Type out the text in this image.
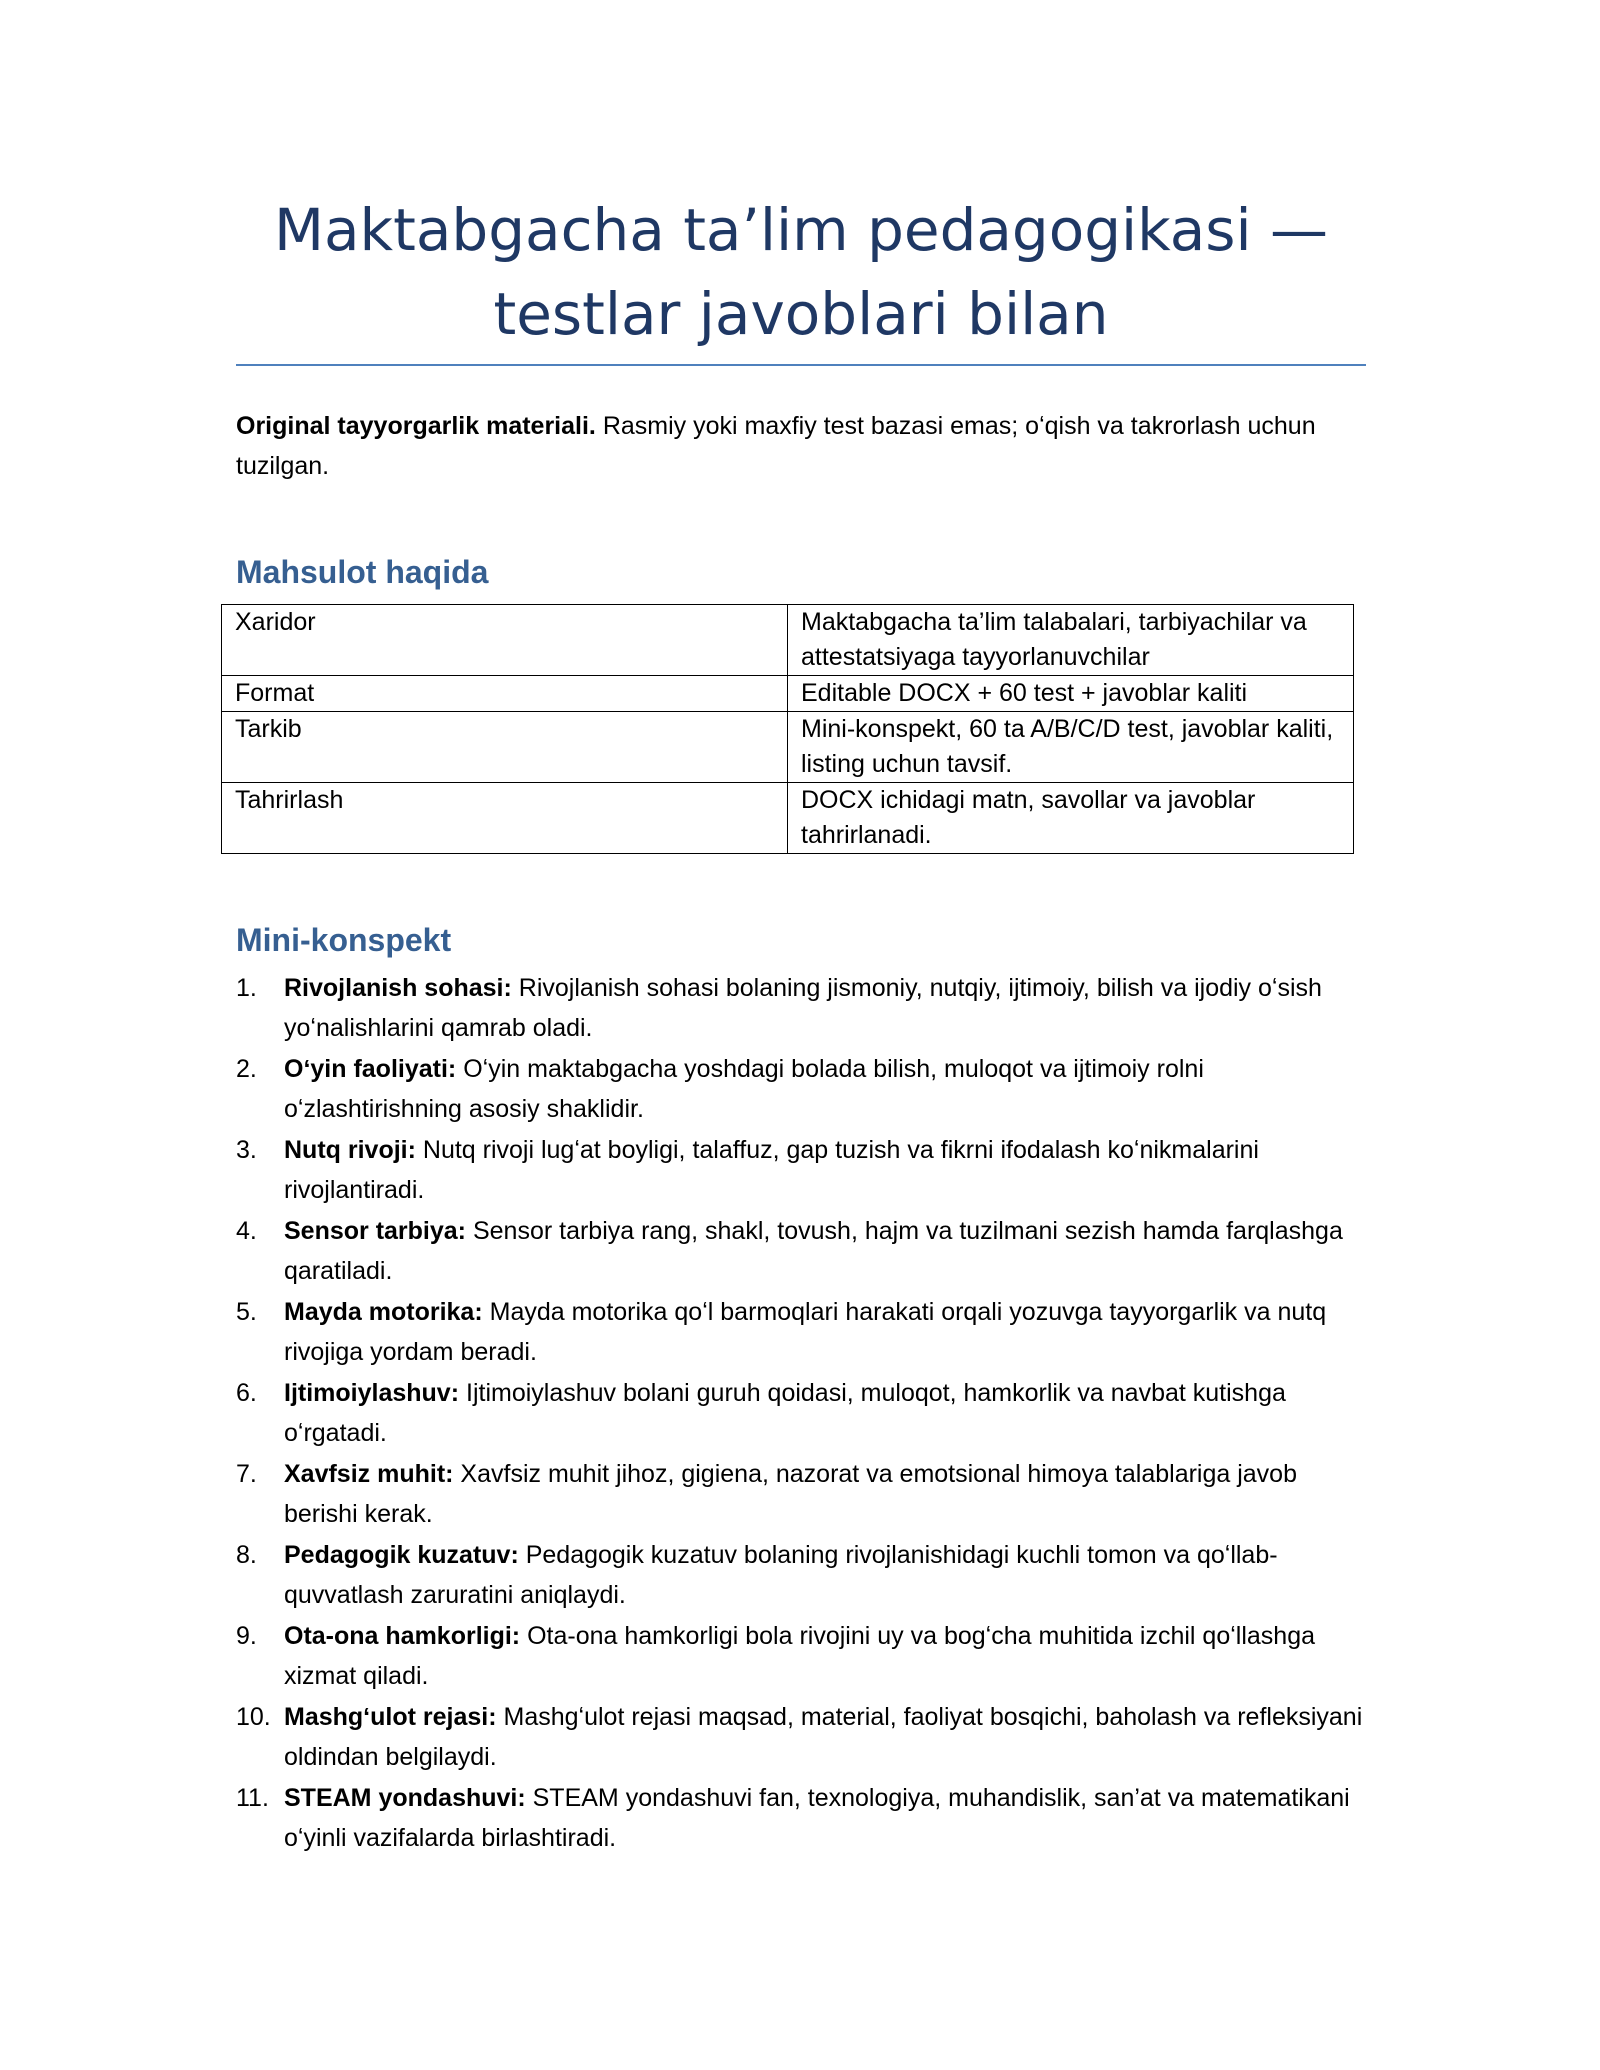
Maktabgacha ta’lim pedagogikasi — testlar javoblari bilan

Original tayyorgarlik materiali. Rasmiy yoki maxfiy test bazasi emas; oʻqish va takrorlash uchun tuzilgan.

Mahsulot haqida
Xaridor	Maktabgacha ta’lim talabalari, tarbiyachilar va attestatsiyaga tayyorlanuvchilar
Format	Editable DOCX + 60 test + javoblar kaliti
Tarkib	Mini-konspekt, 60 ta A/B/C/D test, javoblar kaliti, listing uchun tavsif.
Tahrirlash	DOCX ichidagi matn, savollar va javoblar tahrirlanadi.
Mini-konspekt
1.	Rivojlanish sohasi: Rivojlanish sohasi bolaning jismoniy, nutqiy, ijtimoiy, bilish va ijodiy oʻsish yoʻnalishlarini qamrab oladi.
2.	Oʻyin faoliyati: Oʻyin maktabgacha yoshdagi bolada bilish, muloqot va ijtimoiy rolni oʻzlashtirishning asosiy shaklidir.
3.	Nutq rivoji: Nutq rivoji lugʻat boyligi, talaffuz, gap tuzish va fikrni ifodalash koʻnikmalarini rivojlantiradi.
4.	Sensor tarbiya: Sensor tarbiya rang, shakl, tovush, hajm va tuzilmani sezish hamda farqlashga qaratiladi.
5.	Mayda motorika: Mayda motorika qoʻl barmoqlari harakati orqali yozuvga tayyorgarlik va nutq rivojiga yordam beradi.
6.	Ijtimoiylashuv: Ijtimoiylashuv bolani guruh qoidasi, muloqot, hamkorlik va navbat kutishga oʻrgatadi.
7.	Xavfsiz muhit: Xavfsiz muhit jihoz, gigiena, nazorat va emotsional himoya talablariga javob berishi kerak.
8.	Pedagogik kuzatuv: Pedagogik kuzatuv bolaning rivojlanishidagi kuchli tomon va qoʻllab-quvvatlash zaruratini aniqlaydi.
9.	Ota-ona hamkorligi: Ota-ona hamkorligi bola rivojini uy va bogʻcha muhitida izchil qoʻllashga xizmat qiladi.
10. Mashgʻulot rejasi: Mashgʻulot rejasi maqsad, material, faoliyat bosqichi, baholash va refleksiyani oldindan belgilaydi.
11. STEAM yondashuvi: STEAM yondashuvi fan, texnologiya, muhandislik, san’at va matematikani oʻyinli vazifalarda birlashtiradi.
